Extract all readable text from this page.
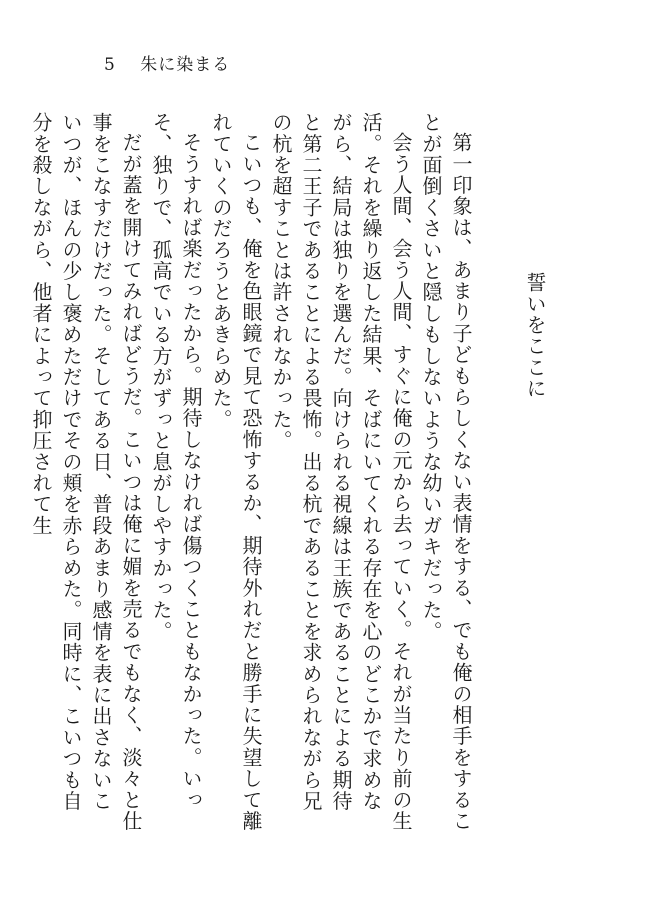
5 朱に染まる
誓いをここに

第一印象は、あまり子どもらしくない表情をする、でも俺の相手をすることが面倒くさいと隠しもしないような幼いガキだった。

会う人間、会う人間、すぐに俺の元から去っていく。それが当たり前の生活。それを繰り返した結果、そばにいてくれる存在を心のどこかで求めながら、結局は独りを選んだ。向けられる視線は王族であることによる期待と第二王子であることによる畏怖。出る杭であることを求められながら兄の杭を超すことは許されなかった。

こいつも、俺を色眼鏡で見て恐怖するか、期待外れだと勝手に失望して離れていくのだろうとあきらめた。

そうすれば楽だったから。期待しなければ傷つくこともなかった。いっそ、独りで、孤高でいる方がずっと息がしやすかった。

だが蓋を開けてみればどうだ。こいつは俺に媚を売るでもなく、淡々と仕事をこなすだけだった。そしてある日、普段あまり感情を表に出さないこいつが、ほんの少し褒めただけでその頬を赤らめた。同時に、こいつも自分を殺しながら、他者によって抑圧されて生
